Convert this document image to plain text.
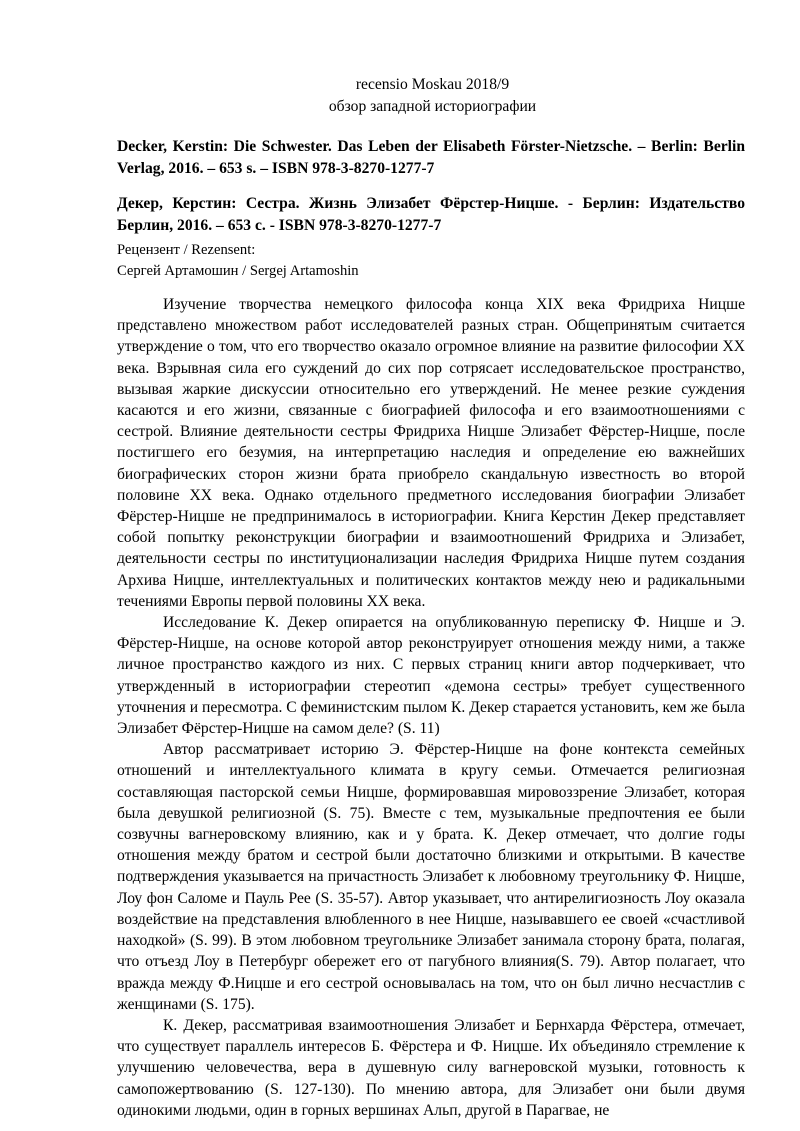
recensio Moskau 2018/9
обзор западной историографии
Decker, Kerstin: Die Schwester. Das Leben der Elisabeth Förster-Nietzsche. – Berlin: Berlin Verlag, 2016. – 653 s. – ISBN 978-3-8270-1277-7
Декер, Керстин: Сестра. Жизнь Элизабет Фёрстер-Ницше. - Берлин: Издательство Берлин, 2016. – 653 с. - ISBN 978-3-8270-1277-7
Рецензент / Rezensent:
Сергей Артамошин / Sergej Artamoshin

Изучение творчества немецкого философа конца XIX века Фридриха Ницше представлено множеством работ исследователей разных стран. Общепринятым считается утверждение о том, что его творчество оказало огромное влияние на развитие философии XX века. Взрывная сила его суждений до сих пор сотрясает исследовательское пространство, вызывая жаркие дискуссии относительно его утверждений. Не менее резкие суждения касаются и его жизни, связанные с биографией философа и его взаимоотношениями с сестрой. Влияние деятельности сестры Фридриха Ницше Элизабет Фёрстер-Ницше, после постигшего его безумия, на интерпретацию наследия и определение ею важнейших биографических сторон жизни брата приобрело скандальную известность во второй половине XX века. Однако отдельного предметного исследования биографии Элизабет Фёрстер-Ницше не предпринималось в историографии. Книга Керстин Декер представляет собой попытку реконструкции биографии и взаимоотношений Фридриха и Элизабет, деятельности сестры по институционализации наследия Фридриха Ницше путем создания Архива Ницше, интеллектуальных и политических контактов между нею и радикальными течениями Европы первой половины XX века.

Исследование К. Декер опирается на опубликованную переписку Ф. Ницше и Э. Фёрстер-Ницше, на основе которой автор реконструирует отношения между ними, а также личное пространство каждого из них. С первых страниц книги автор подчеркивает, что утвержденный в историографии стереотип «демона сестры» требует существенного уточнения и пересмотра. С феминистским пылом К. Декер старается установить, кем же была Элизабет Фёрстер-Ницше на самом деле? (S. 11)

Автор рассматривает историю Э. Фёрстер-Ницше на фоне контекста семейных отношений и интеллектуального климата в кругу семьи. Отмечается религиозная составляющая пасторской семьи Ницше, формировавшая мировоззрение Элизабет, которая была девушкой религиозной (S. 75). Вместе с тем, музыкальные предпочтения ее были созвучны вагнеровскому влиянию, как и у брата. К. Декер отмечает, что долгие годы отношения между братом и сестрой были достаточно близкими и открытыми. В качестве подтверждения указывается на причастность Элизабет к любовному треугольнику Ф. Ницше, Лоу фон Саломе и Пауль Рее (S. 35-57). Автор указывает, что антирелигиозность Лоу оказала воздействие на представления влюбленного в нее Ницше, называвшего ее своей «счастливой находкой» (S. 99). В этом любовном треугольнике Элизабет занимала сторону брата, полагая, что отъезд Лоу в Петербург обережет его от пагубного влияния(S. 79). Автор полагает, что вражда между Ф.Ницше и его сестрой основывалась на том, что он был лично несчастлив с женщинами (S. 175).

К. Декер, рассматривая взаимоотношения Элизабет и Бернхарда Фёрстера, отмечает, что существует параллель интересов Б. Фёрстера и Ф. Ницше. Их объединяло стремление к улучшению человечества, вера в душевную силу вагнеровской музыки, готовность к самопожертвованию (S. 127-130). По мнению автора, для Элизабет они были двумя одинокими людьми, один в горных вершинах Альп, другой в Парагвае, не
